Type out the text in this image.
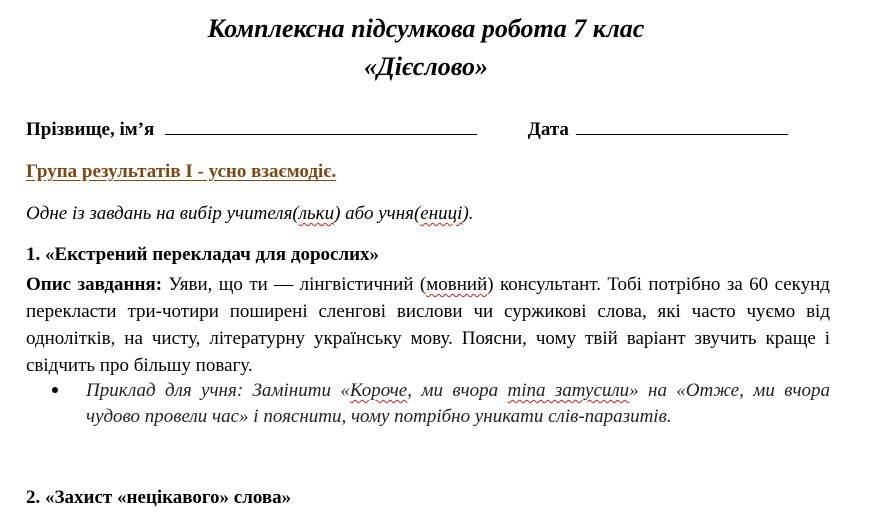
Комплексна підсумкова робота 7 клас
«Дієслово»
Прізвище, ім’я	Дата
Група результатів І - усно взаємодіє.
Одне із завдань на вибір учителя(льки) або учня(ениці).
1. «Екстрений перекладач для дорослих»
Опис завдання: Уяви, що ти — лінгвістичний (мовний) консультант. Тобі потрібно за 60 секунд перекласти три-чотири поширені сленгові вислови чи суржикові слова, які часто чуємо від однолітків, на чисту, літературну українську мову. Поясни, чому твій варіант звучить краще і свідчить про більшу повагу.
Приклад для учня: Замінити «Короче, ми вчора тіпа затусили» на «Отже, ми вчора чудово провели час» і пояснити, чому потрібно уникати слів-паразитів.
2. «Захист «нецікавого» слова»
